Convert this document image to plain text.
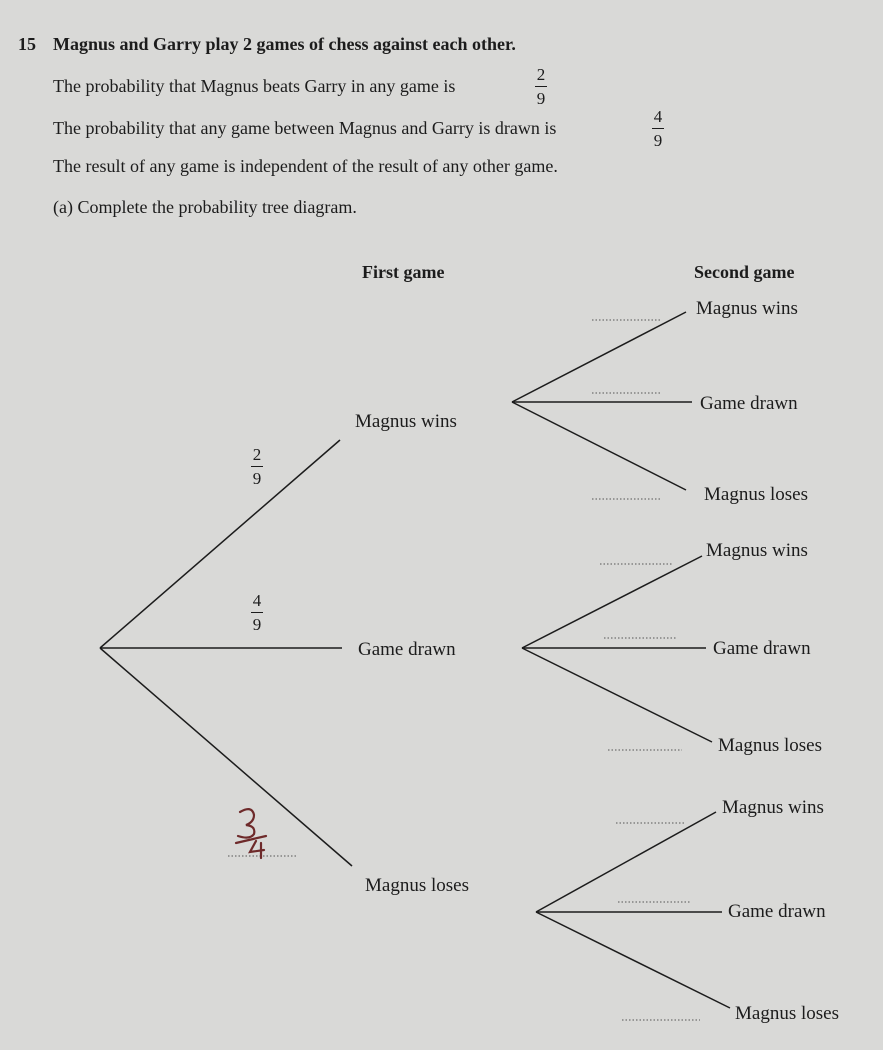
15 Magnus and Garry play 2 games of chess against each other.
The probability that Magnus beats Garry in any game is
2
9
The probability that any game between Magnus and Garry is drawn is
4
9
The result of any game is independent of the result of any other game.
(a) Complete the probability tree diagram.
First game	Second game
Magnus wins
Game drawn
Magnus loses
2
9
4
9
Magnus wins
Game drawn
Magnus loses
Magnus wins
Game drawn
Magnus loses
Magnus wins
Game drawn
Magnus loses
